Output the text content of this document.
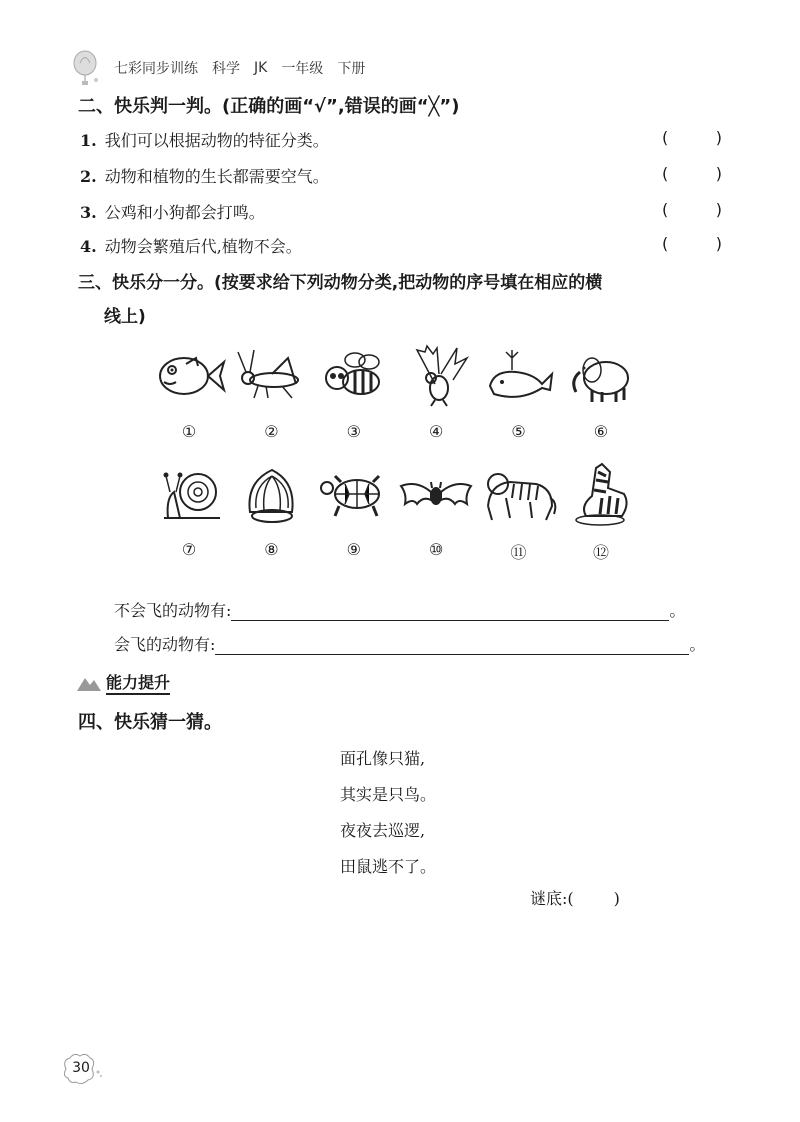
七彩同步训练 科学 JK 一年级 下册
二、快乐判一判。(正确的画“√”,错误的画“╳”)
1. 我们可以根据动物的特征分类。	(	)
2. 动物和植物的生长都需要空气。	(	)
3. 公鸡和小狗都会打鸣。	(	)
4. 动物会繁殖后代,植物不会。	(	)
三、快乐分一分。(按要求给下列动物分类,把动物的序号填在相应的横
线上)
①	②	③	④	⑤	⑥
⑦	⑧	⑨	⑩	⑪	⑫
不会飞的动物有:	。
会飞的动物有:	。
能力提升
四、快乐猜一猜。
面孔像只猫,
其实是只鸟。
夜夜去巡逻,
田鼠逃不了。
谜底:(	)
30
